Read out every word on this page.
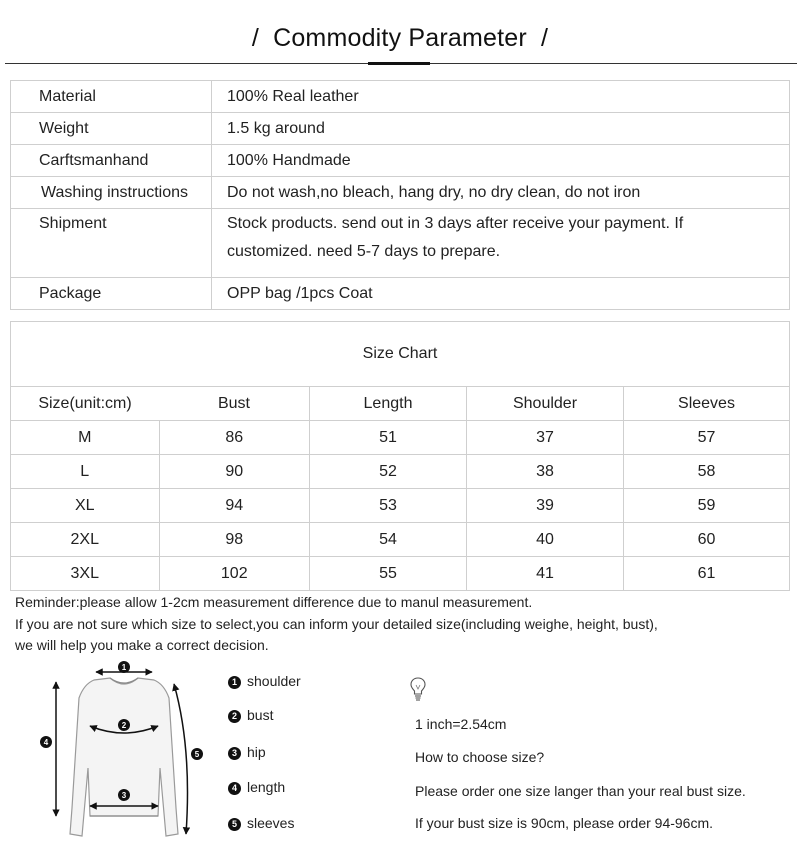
/ Commodity Parameter /
Material	100% Real leather
Weight	1.5 kg around
Carftsmanhand	100% Handmade
Washing instructions	Do not wash,no bleach, hang dry, no dry clean, do not iron
Shipment	Stock products. send out in 3 days after receive your payment. If customized. need 5-7 days to prepare.
Package	OPP bag /1pcs Coat
Size Chart				
Size(unit:cm)	Bust	Length	Shoulder	Sleeves
M	86	51	37	57
L	90	52	38	58
XL	94	53	39	59
2XL	98	54	40	60
3XL	102	55	41	61
Reminder:please allow 1-2cm measurement difference due to manul measurement.
If you are not sure which size to select,you can inform your detailed size(including weighe, height, bust),
we will help you make a correct decision.
1
2
3
4
5
1 shoulder
2 bust
3 hip
4 length
5 sleeves
1 inch=2.54cm
How to choose size?
Please order one size langer than your real bust size.
If your bust size is 90cm, please order 94-96cm.
